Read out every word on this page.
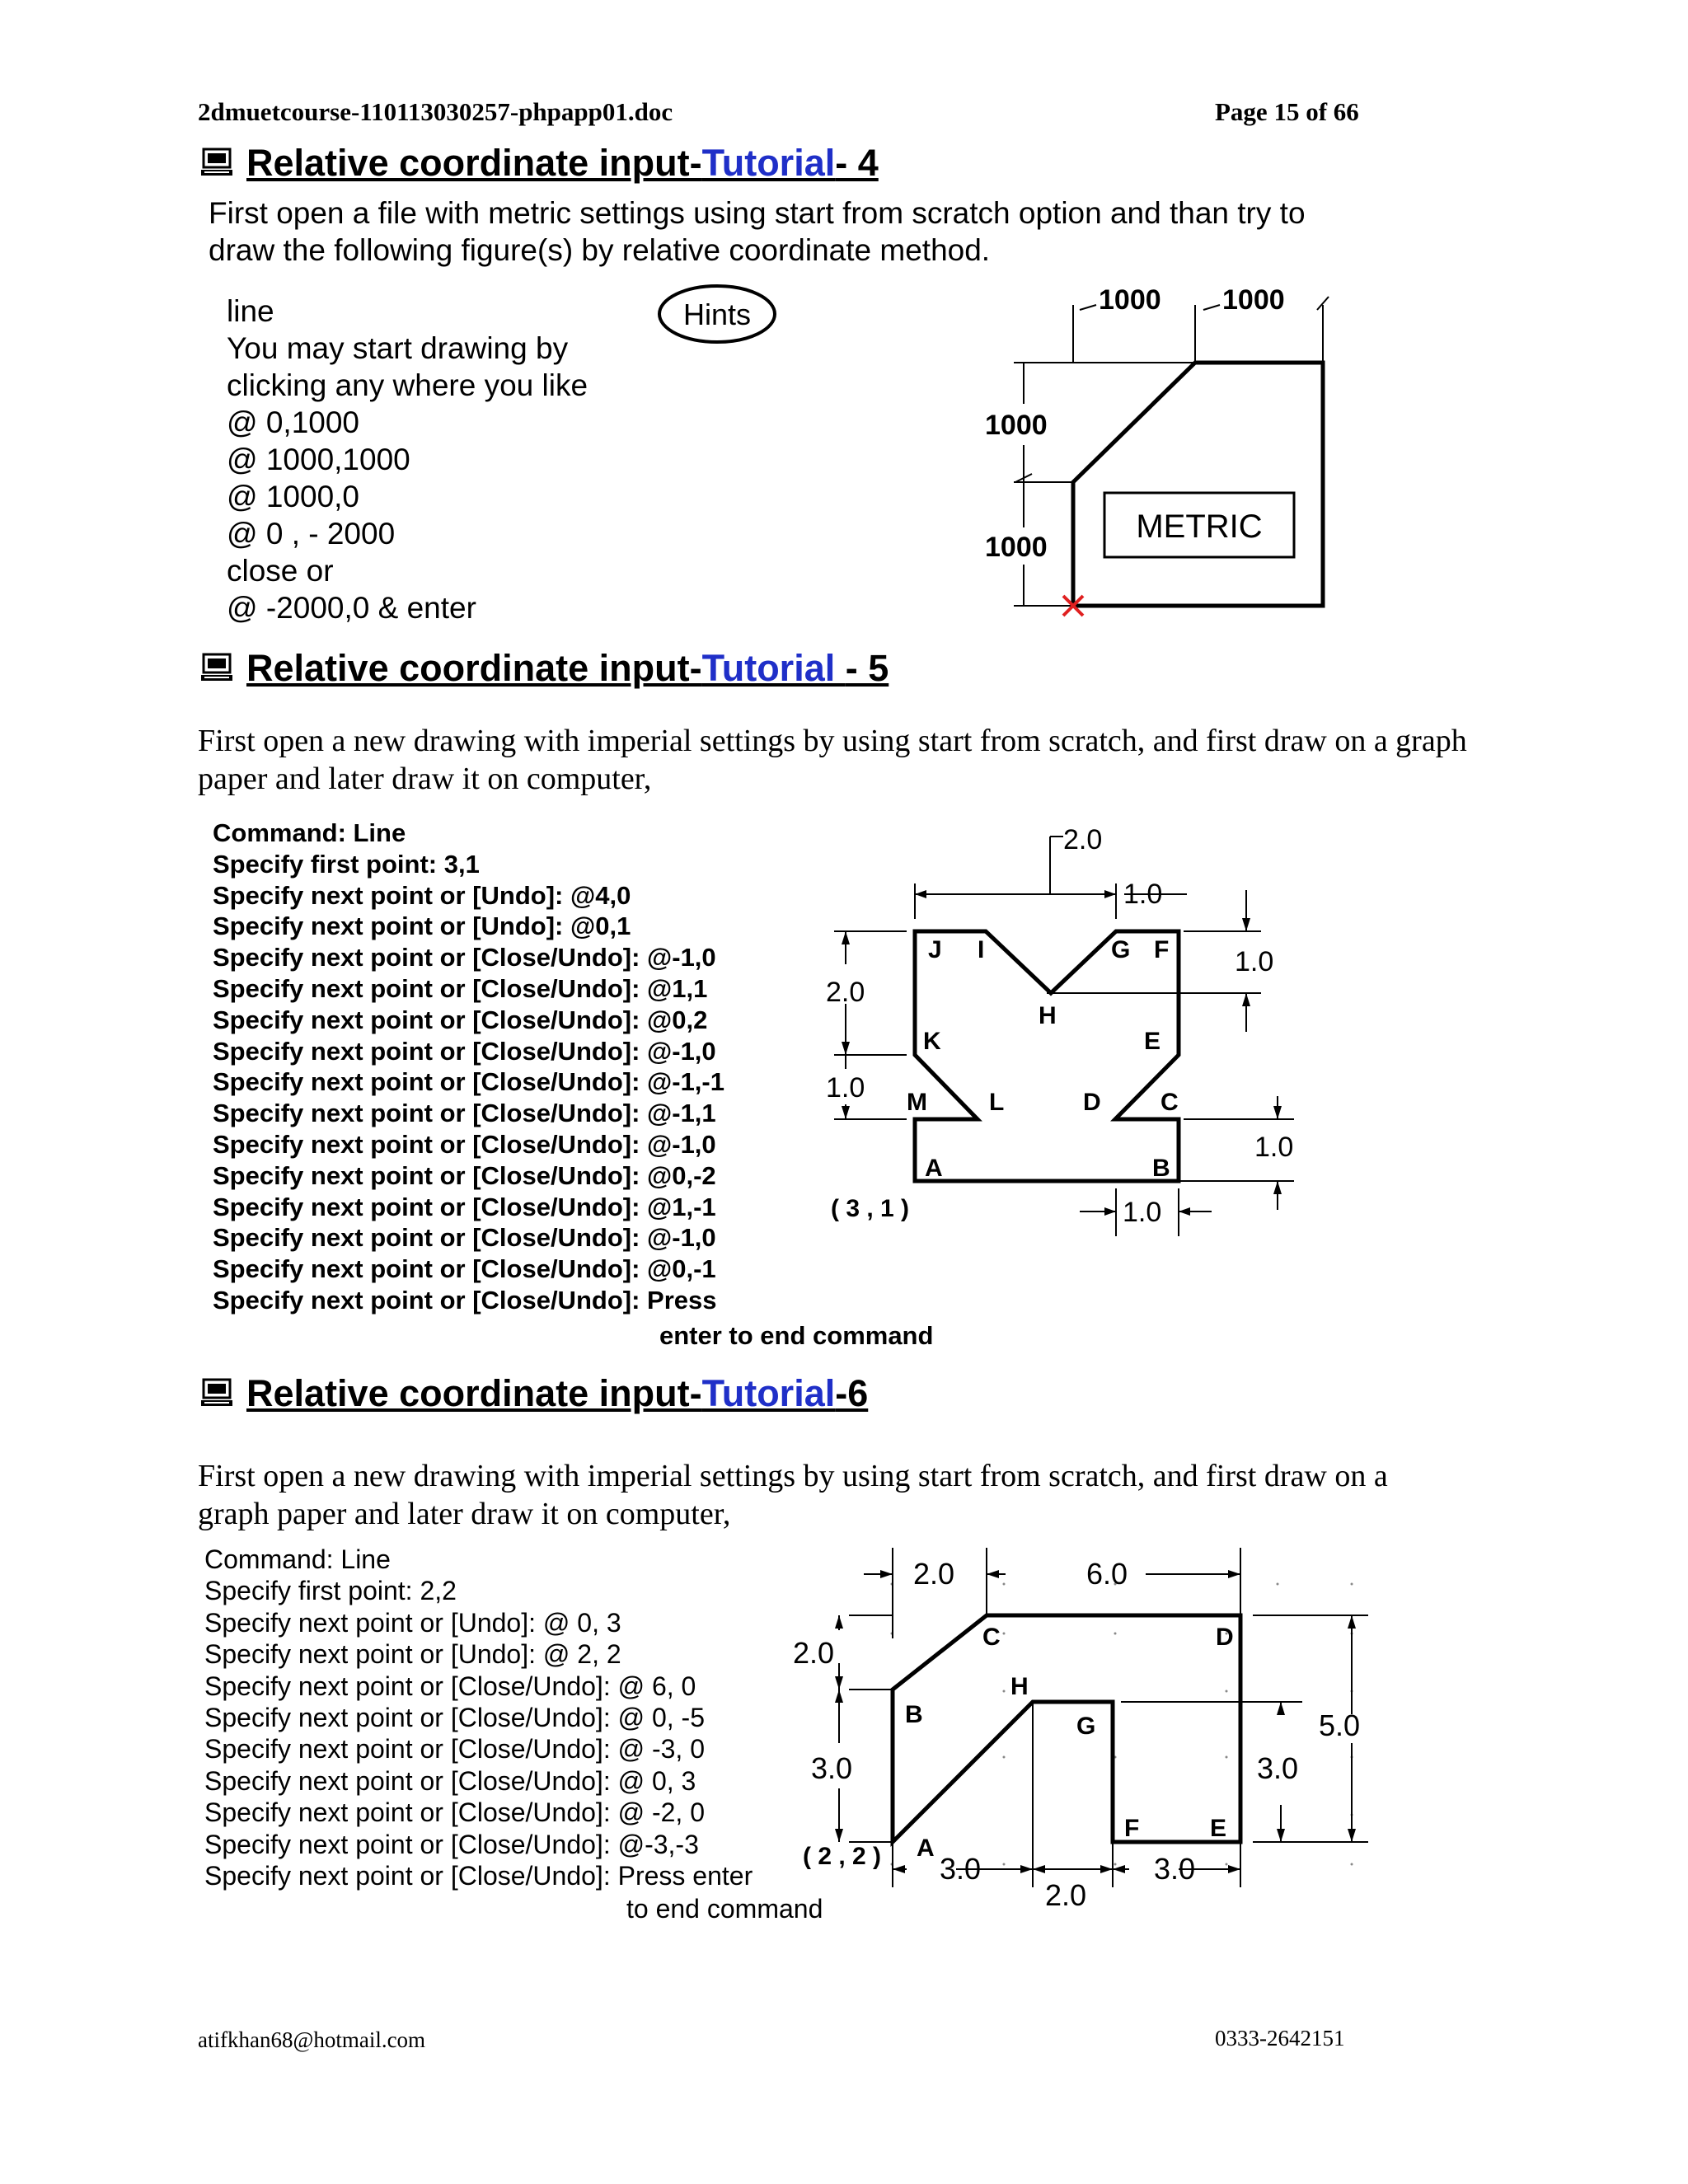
2dmuetcourse-110113030257-phpapp01.doc	Page 15 of 66
Relative coordinate input-Tutorial- 4
First open a file with metric settings using start from scratch option and than try to
draw the following figure(s) by relative coordinate method.
line
You may start drawing by
clicking any where you like
@ 0,1000
@ 1000,1000
@ 1000,0
@ 0 , - 2000
close or
@ -2000,0 & enter
Hints
METRIC
1000 1000
1000
1000
Relative coordinate input-Tutorial - 5
First open a new drawing with imperial settings by using start from scratch, and first draw on a graph
paper and later draw it on computer,
Command: Line
Specify first point: 3,1
Specify next point or [Undo]: @4,0
Specify next point or [Undo]: @0,1
Specify next point or [Close/Undo]: @-1,0
Specify next point or [Close/Undo]: @1,1
Specify next point or [Close/Undo]: @0,2
Specify next point or [Close/Undo]: @-1,0
Specify next point or [Close/Undo]: @-1,-1
Specify next point or [Close/Undo]: @-1,1
Specify next point or [Close/Undo]: @-1,0
Specify next point or [Close/Undo]: @0,-2
Specify next point or [Close/Undo]: @1,-1
Specify next point or [Close/Undo]: @-1,0
Specify next point or [Close/Undo]: @0,-1
Specify next point or [Close/Undo]: Press
enter to end command
A	B
C
D
E
F
G
H
I
J
K
L
M
( 3 , 1 )
2.0
1.0
1.0
2.0
1.0
1.0
1.0
Relative coordinate input-Tutorial-6
First open a new drawing with imperial settings by using start from scratch, and first draw on a
graph paper and later draw it on computer,
Command: Line
Specify first point: 2,2
Specify next point or [Undo]: @ 0, 3
Specify next point or [Undo]: @ 2, 2
Specify next point or [Close/Undo]: @ 6, 0
Specify next point or [Close/Undo]: @ 0, -5
Specify next point or [Close/Undo]: @ -3, 0
Specify next point or [Close/Undo]: @ 0, 3
Specify next point or [Close/Undo]: @ -2, 0
Specify next point or [Close/Undo]: @-3,-3
Specify next point or [Close/Undo]: Press enter
to end command
A
B
C	D
E
F
G
H
( 2 , 2 )
2.0	6.0
2.0
3.0
5.0
3.0
3.0
2.0
3.0
atifkhan68@hotmail.com	0333-2642151
